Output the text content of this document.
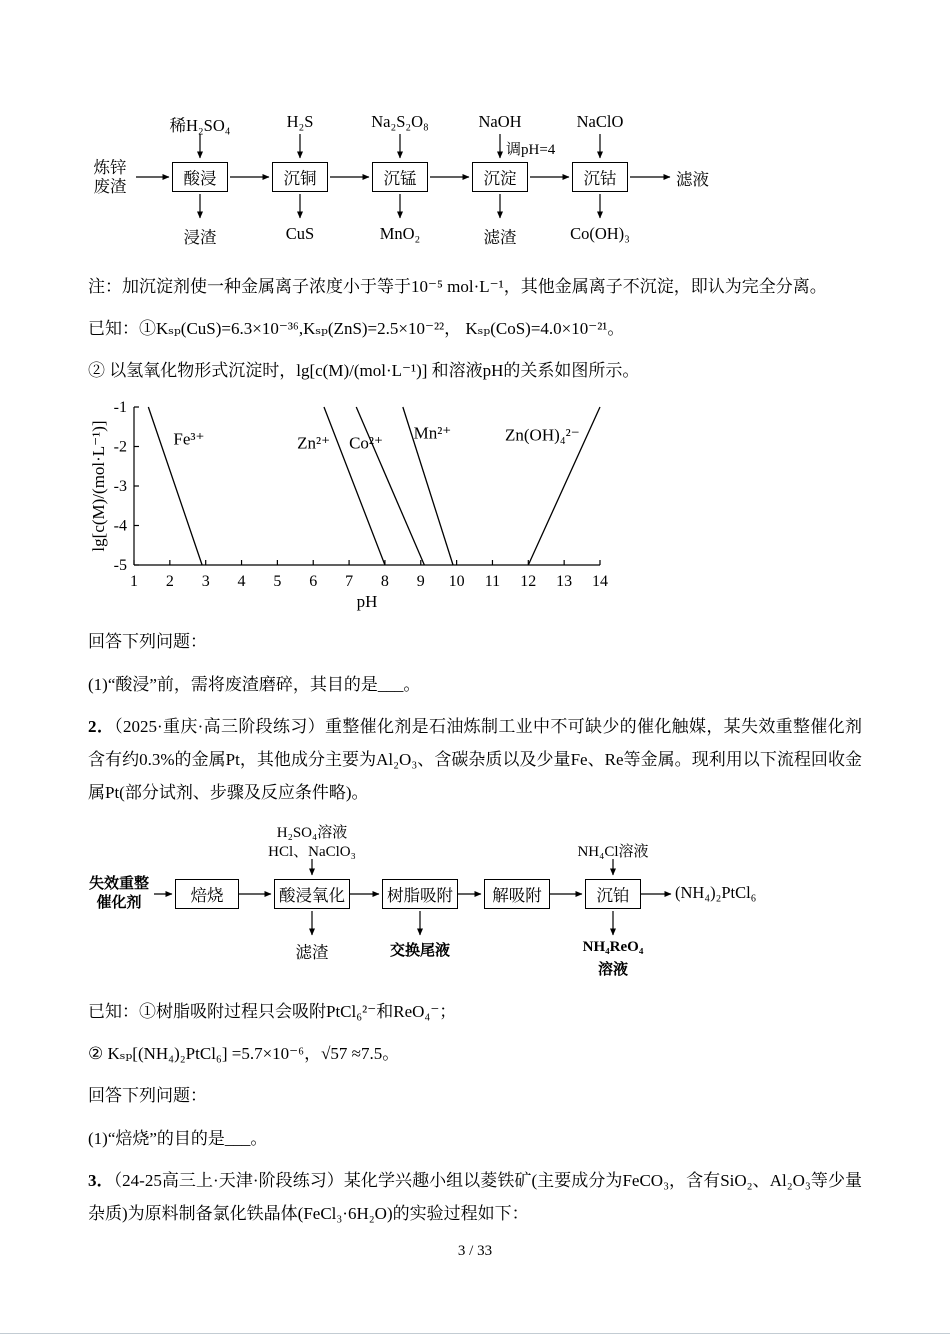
稀H₂SO₄	H₂S	Na₂S₂O₈	NaOH	NaClO
调pH=4
炼锌
废渣	酸浸	沉铜	沉锰	沉淀	沉钴	滤液
浸渣	CuS	MnO₂	滤渣	Co(OH)₃

注：加沉淀剂使一种金属离子浓度小于等于10⁻⁵ mol·L⁻¹，其他金属离子不沉淀，即认为完全分离。

已知：①Kₛₚ(CuS)=6.3×10⁻³⁶,Kₛₚ(ZnS)=2.5×10⁻²²， Kₛₚ(CoS)=4.0×10⁻²¹。

② 以氢氧化物形式沉淀时，lg[c(M)/(mol·L⁻¹)] 和溶液pH的关系如图所示。

1 2 3 4 5 6 7 8 9 10 11 12 13 14
-1
-2
-3
-4
-5
pH
lg[c(M)/(mol·L⁻¹)]	Fe³⁺	Zn²⁺ Co²⁺
Mn²⁺	Zn(OH)₄²⁻

回答下列问题：

(1)“酸浸”前，需将废渣磨碎，其目的是___。

2．（2025·重庆·高三阶段练习）重整催化剂是石油炼制工业中不可缺少的催化触媒，某失效重整催化剂含有约0.3%的金属Pt，其他成分主要为Al₂O₃、含碳杂质以及少量Fe、Re等金属。现利用以下流程回收金属Pt(部分试剂、步骤及反应条件略)。

H₂SO₄溶液
HCl、NaClO₃	NH₄Cl溶液
失效重整
催化剂	焙烧	酸浸氧化	树脂吸附	解吸附	沉铂	(NH₄)₂PtCl₆
滤渣	交换尾液	NH₄ReO₄
溶液

已知：①树脂吸附过程只会吸附PtCl₆²⁻和ReO₄⁻；

② Kₛₚ[(NH₄)₂PtCl₆] =5.7×10⁻⁶，√57 ≈7.5。

回答下列问题：

(1)“焙烧”的目的是___。

3．（24-25高三上·天津·阶段练习）某化学兴趣小组以菱铁矿(主要成分为FeCO₃，含有SiO₂、Al₂O₃等少量杂质)为原料制备氯化铁晶体(FeCl₃·6H₂O)的实验过程如下：

3 / 33
